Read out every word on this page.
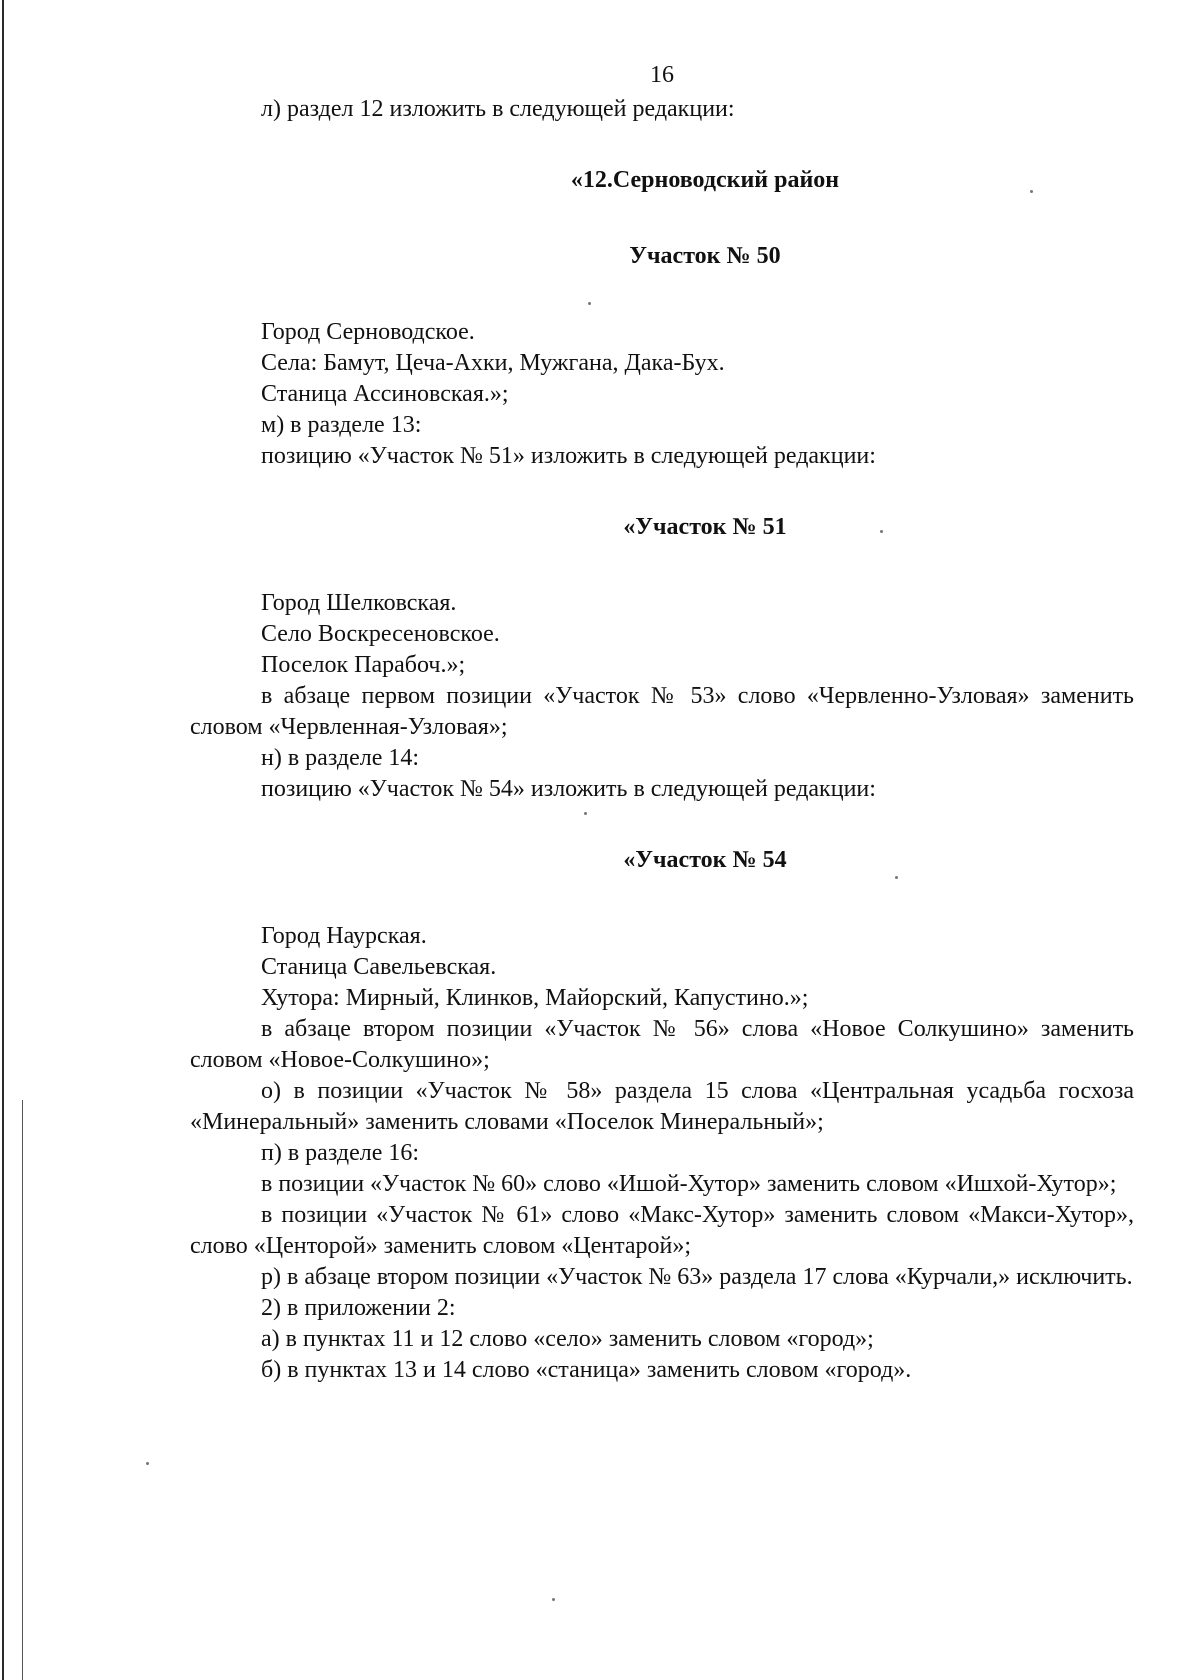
16

л) раздел 12 изложить в следующей редакции:

«12.Серноводский район

Участок № 50

Город Серноводское.

Села: Бамут, Цеча-Ахки, Мужгана, Дака-Бух.

Станица Ассиновская.»;

м) в разделе 13:

позицию «Участок № 51» изложить в следующей редакции:

«Участок № 51

Город Шелковская.

Село Воскресеновское.

Поселок Парабоч.»;

в абзаце первом позиции «Участок № 53» слово «Червленно-Узловая» заменить словом «Червленная-Узловая»;

н) в разделе 14:

позицию «Участок № 54» изложить в следующей редакции:

«Участок № 54

Город Наурская.

Станица Савельевская.

Хутора: Мирный, Клинков, Майорский, Капустино.»;

в абзаце втором позиции «Участок № 56» слова «Новое Солкушино» заменить словом «Новое-Солкушино»;

о) в позиции «Участок № 58» раздела 15 слова «Центральная усадьба госхоза «Минеральный» заменить словами «Поселок Минеральный»;

п) в разделе 16:

в позиции «Участок № 60» слово «Ишой-Хутор» заменить словом «Ишхой-Хутор»;

в позиции «Участок № 61» слово «Макс-Хутор» заменить словом «Макси-Хутор», слово «Центорой» заменить словом «Центарой»;

р) в абзаце втором позиции «Участок № 63» раздела 17 слова «Курчали,» исключить.

2) в приложении 2:

а) в пунктах 11 и 12 слово «село» заменить словом «город»;

б) в пунктах 13 и 14 слово «станица» заменить словом «город».
